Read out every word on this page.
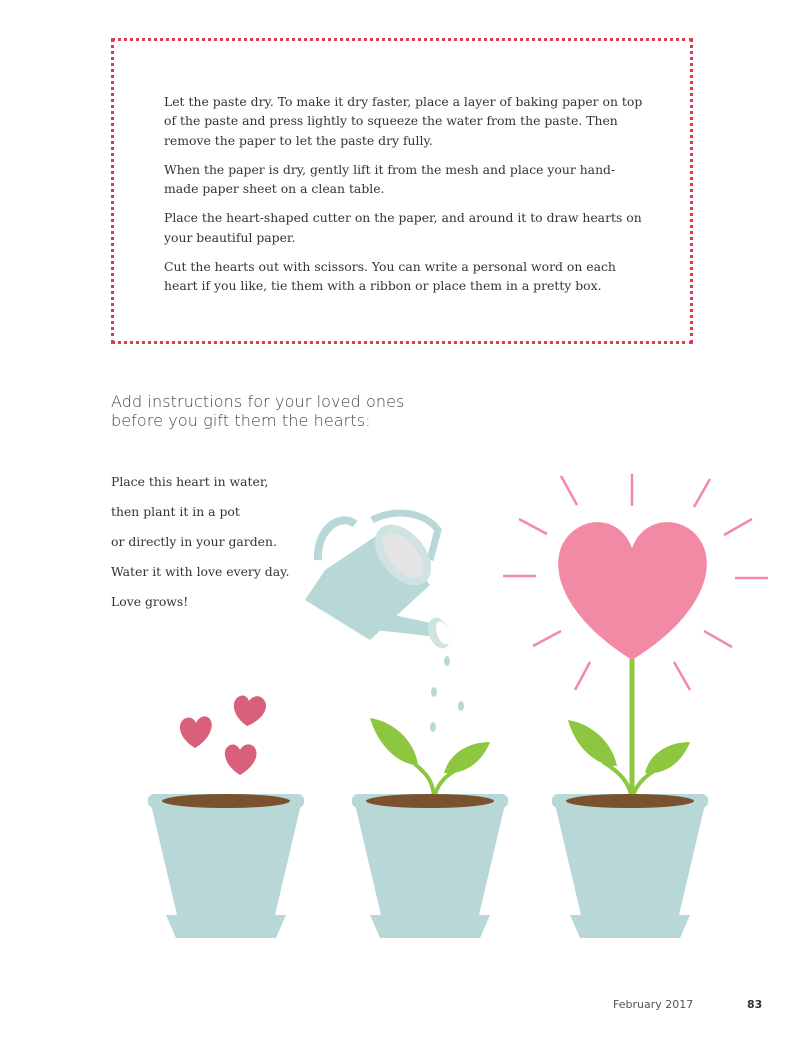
Let the paste dry. To make it dry faster, place a layer of baking paper on top of the paste and press lightly to squeeze the water from the paste. Then remove the paper to let the paste dry fully.

When the paper is dry, gently lift it from the mesh and place your hand-made paper sheet on a clean table.

Place the heart-shaped cutter on the paper, and around it to draw hearts on your beautiful paper.

Cut the hearts out with scissors. You can write a personal word on each heart if you like, tie them with a ribbon or place them in a pretty box.

Add instructions for your loved ones
before you gift them the hearts:
Place this heart in water,
then plant it in a pot
or directly in your garden.
Water it with love every day.
Love grows!
February 2017	83
